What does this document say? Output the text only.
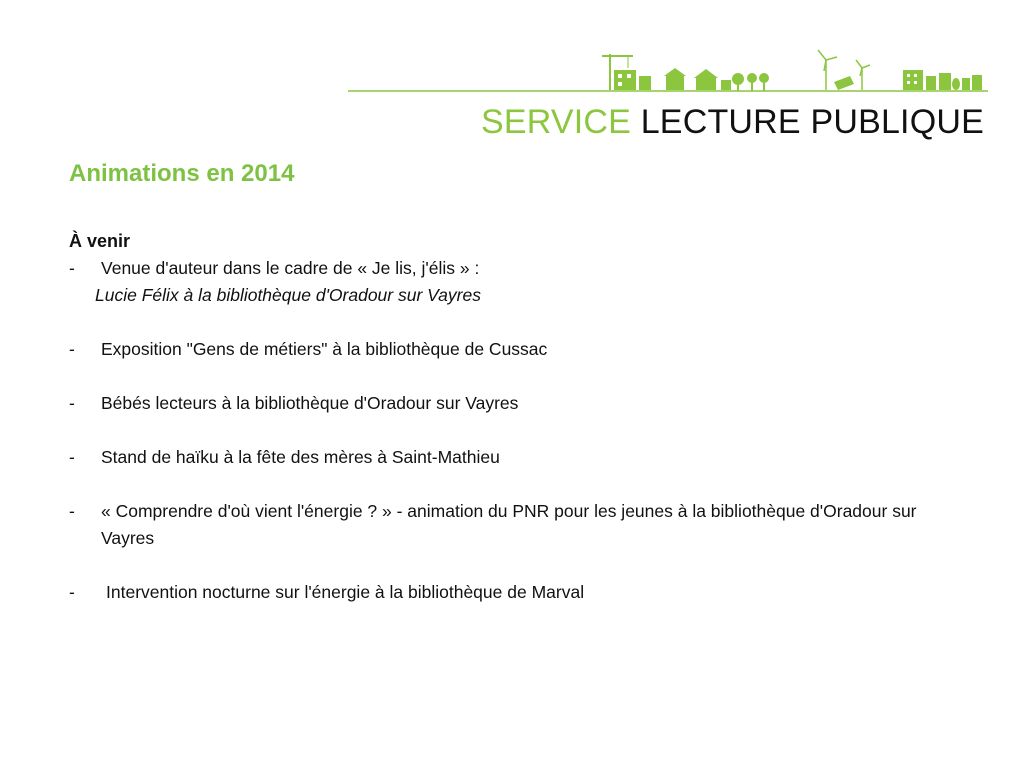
SERVICE LECTURE PUBLIQUE
Animations en 2014
À venir
- Venue d'auteur dans le cadre de « Je lis, j'élis » :
Lucie Félix à la bibliothèque d'Oradour sur Vayres
- Exposition "Gens de métiers" à la bibliothèque de Cussac
- Bébés lecteurs à la bibliothèque d'Oradour sur Vayres
- Stand de haïku à la fête des mères à Saint-Mathieu
- « Comprendre d'où vient l'énergie ? » - animation du PNR pour les jeunes à la bibliothèque d'Oradour sur Vayres
- Intervention nocturne sur l'énergie à la bibliothèque de Marval
